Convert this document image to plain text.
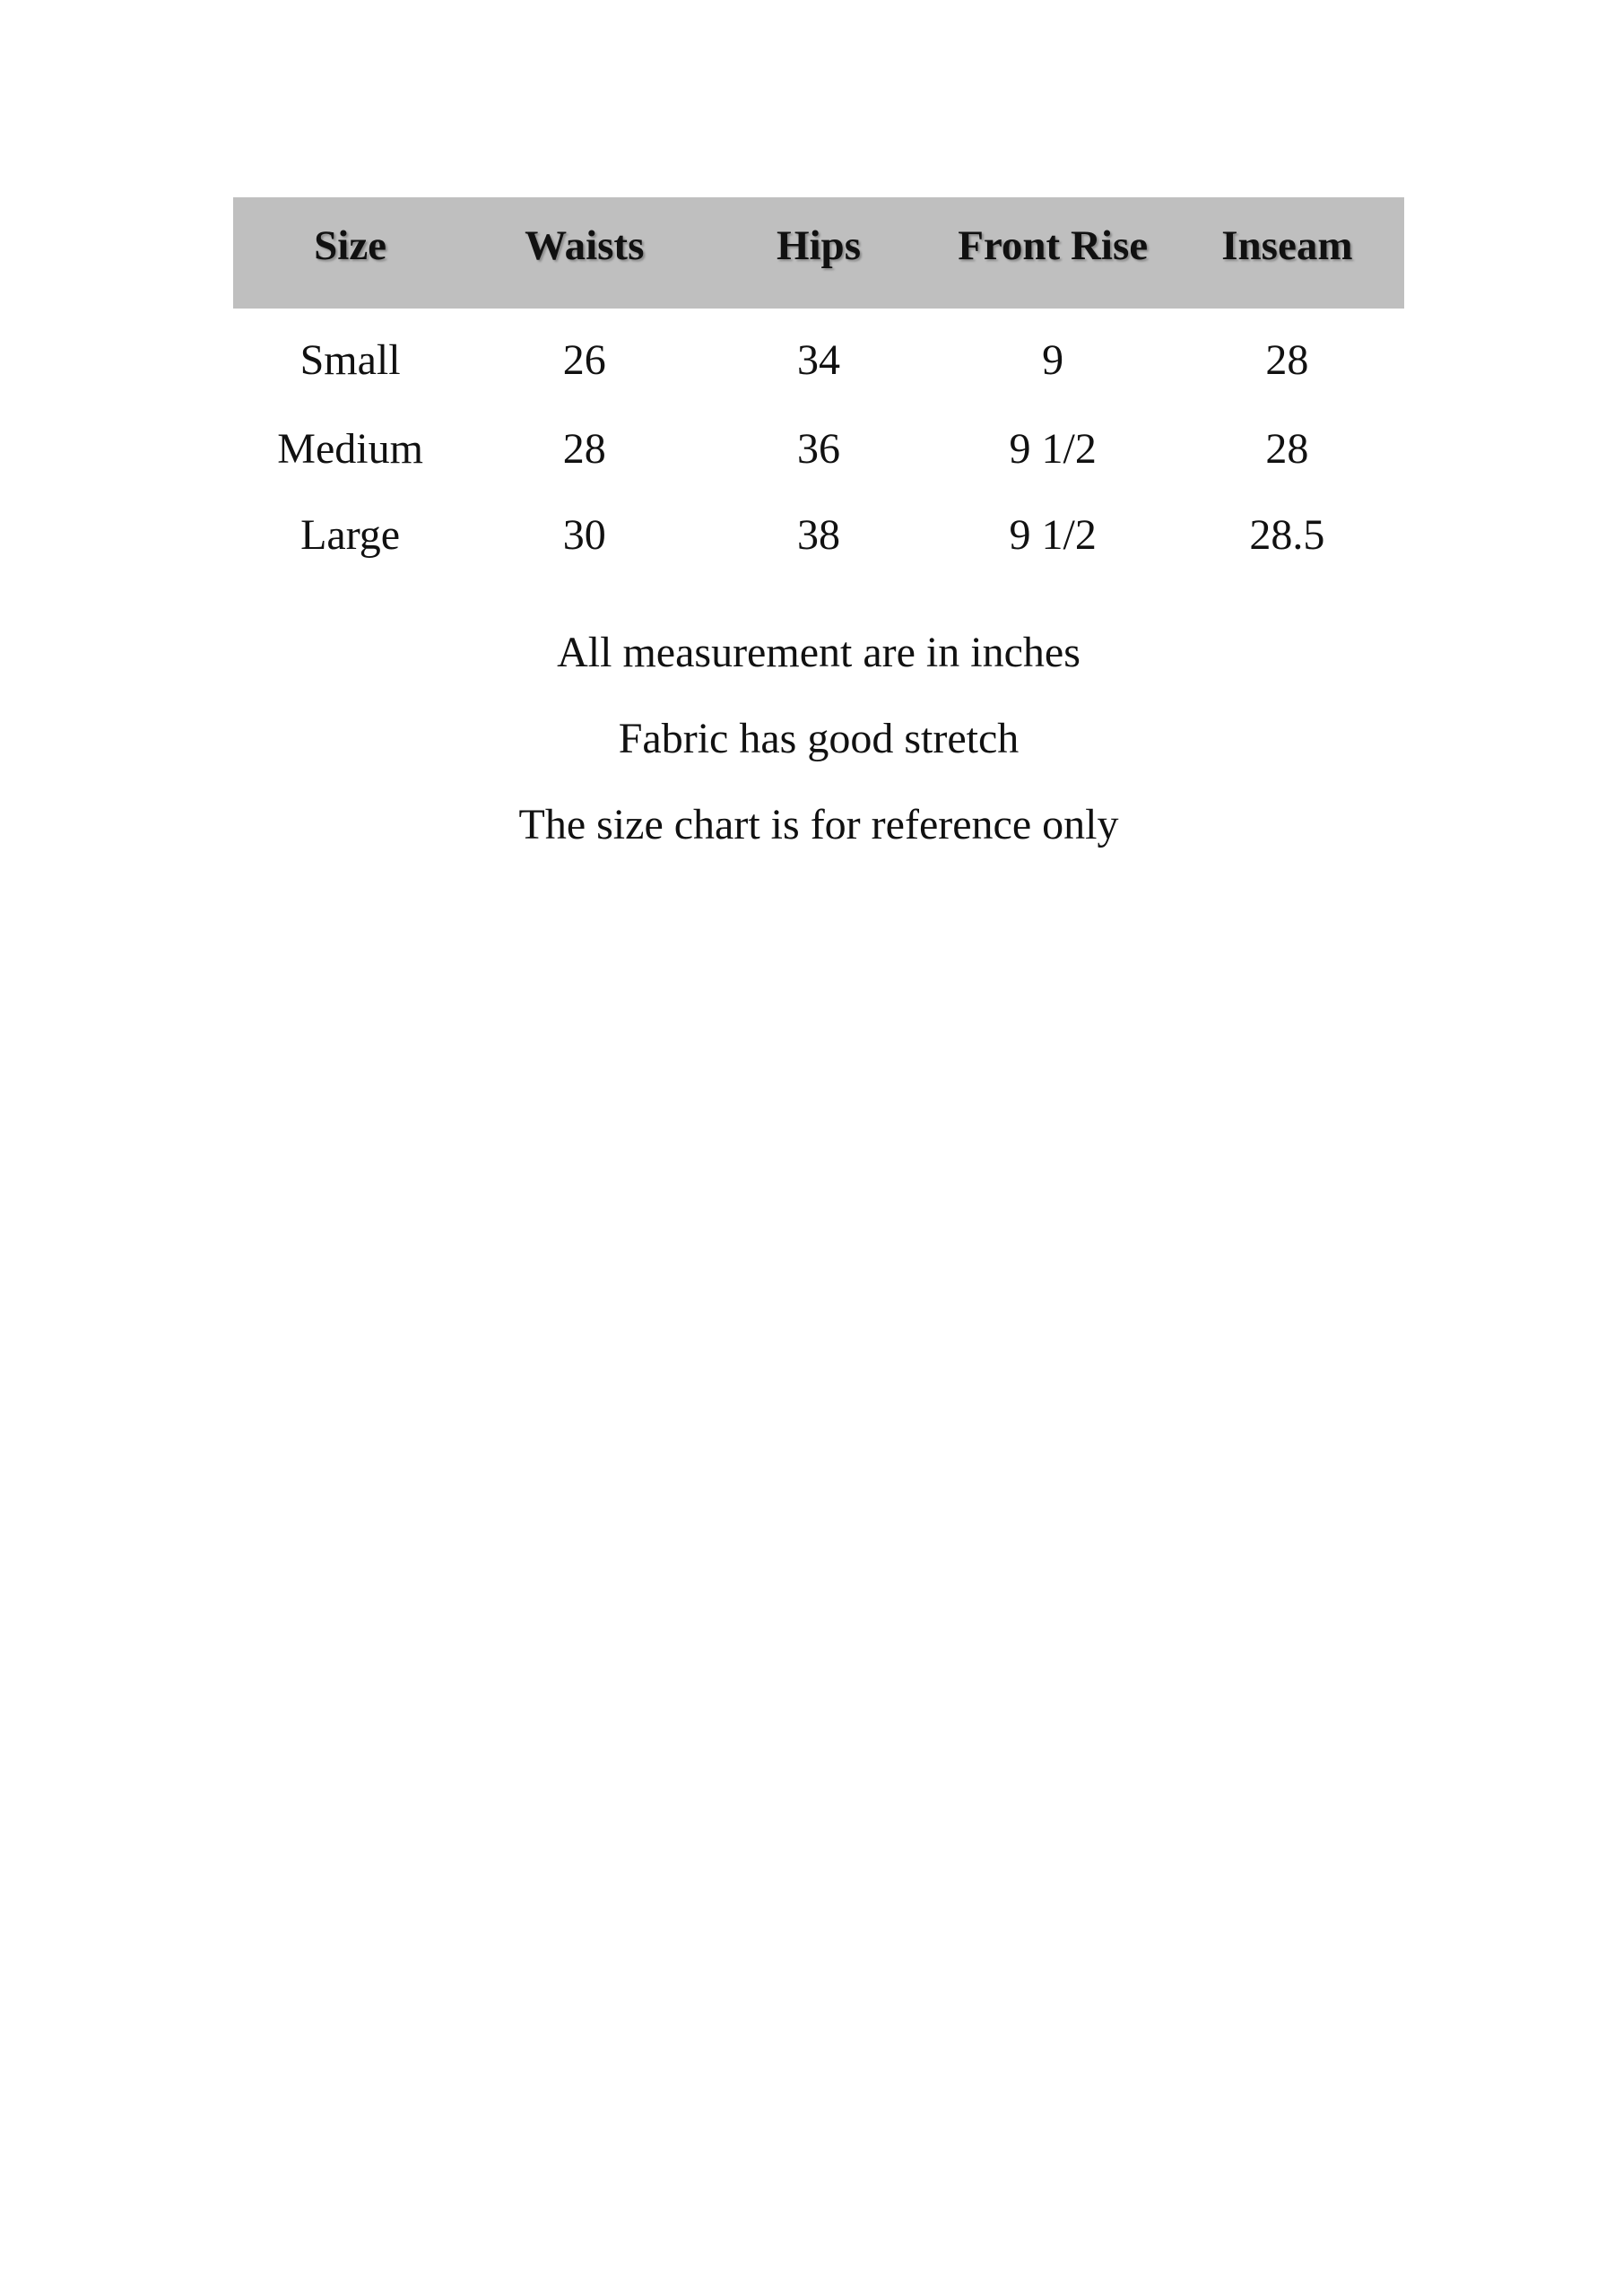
Size	Waists	Hips	Front Rise	Inseam
Small	26	34	9	28
Medium	28	36	9 1/2	28
Large	30	38	9 1/2	28.5
All measurement are in inches
Fabric has good stretch
The size chart is for reference only
